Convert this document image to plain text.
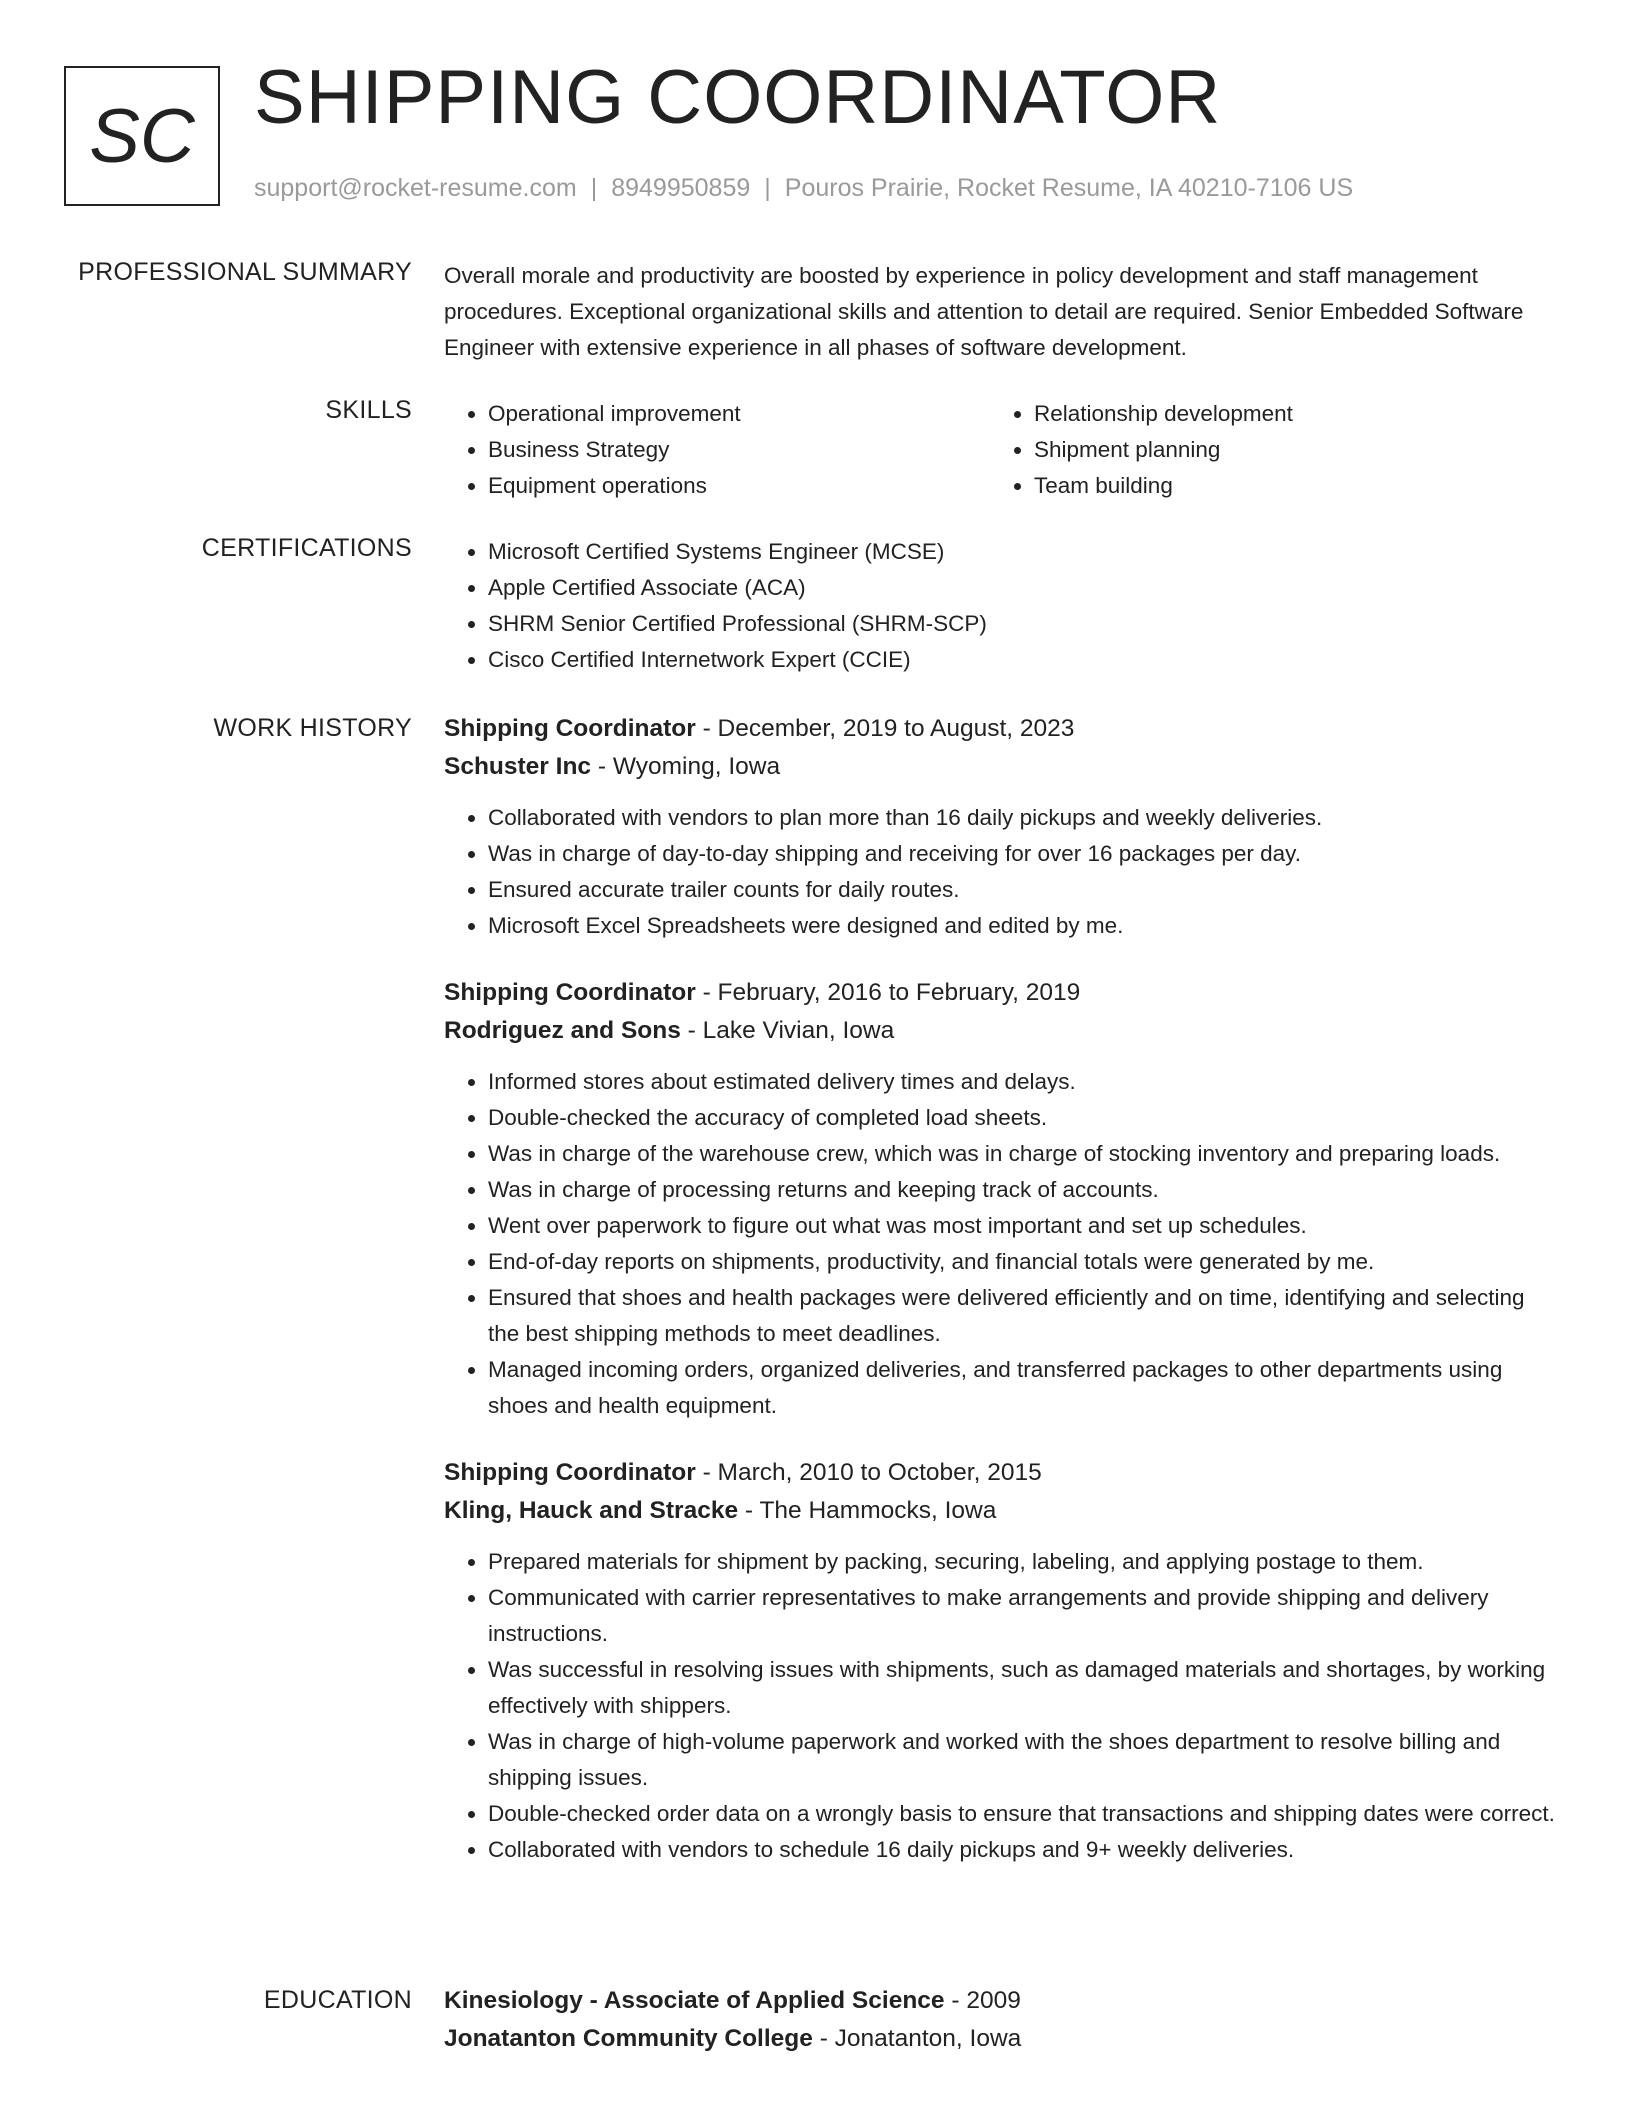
SC SHIPPING COORDINATOR
support@rocket-resume.com | 8949950859 | Pouros Prairie, Rocket Resume, IA 40210-7106 US
PROFESSIONAL SUMMARY Overall morale and productivity are boosted by experience in policy development and staff management procedures. Exceptional organizational skills and attention to detail are required. Senior Embedded Software Engineer with extensive experience in all phases of software development.

SKILLS	• Operational improvement
• Business Strategy
• Equipment operations
• Relationship development
• Shipment planning
• Team building
CERTIFICATIONS	• Microsoft Certified Systems Engineer (MCSE)
• Apple Certified Associate (ACA)
• SHRM Senior Certified Professional (SHRM-SCP)
• Cisco Certified Internetwork Expert (CCIE)
WORK HISTORY Shipping Coordinator - December, 2019 to August, 2023
Schuster Inc - Wyoming, Iowa
• Collaborated with vendors to plan more than 16 daily pickups and weekly deliveries.
• Was in charge of day-to-day shipping and receiving for over 16 packages per day.
• Ensured accurate trailer counts for daily routes.
• Microsoft Excel Spreadsheets were designed and edited by me.
Shipping Coordinator - February, 2016 to February, 2019
Rodriguez and Sons - Lake Vivian, Iowa
• Informed stores about estimated delivery times and delays.
• Double-checked the accuracy of completed load sheets.
• Was in charge of the warehouse crew, which was in charge of stocking inventory and preparing loads.
• Was in charge of processing returns and keeping track of accounts.
• Went over paperwork to figure out what was most important and set up schedules.
• End-of-day reports on shipments, productivity, and financial totals were generated by me.
• Ensured that shoes and health packages were delivered efficiently and on time, identifying and selecting the best shipping methods to meet deadlines.
• Managed incoming orders, organized deliveries, and transferred packages to other departments using shoes and health equipment.
Shipping Coordinator - March, 2010 to October, 2015
Kling, Hauck and Stracke - The Hammocks, Iowa
• Prepared materials for shipment by packing, securing, labeling, and applying postage to them.
• Communicated with carrier representatives to make arrangements and provide shipping and delivery instructions.
• Was successful in resolving issues with shipments, such as damaged materials and shortages, by working effectively with shippers.
• Was in charge of high-volume paperwork and worked with the shoes department to resolve billing and shipping issues.
• Double-checked order data on a wrongly basis to ensure that transactions and shipping dates were correct.
• Collaborated with vendors to schedule 16 daily pickups and 9+ weekly deliveries.
EDUCATION Kinesiology - Associate of Applied Science - 2009
Jonatanton Community College - Jonatanton, Iowa
